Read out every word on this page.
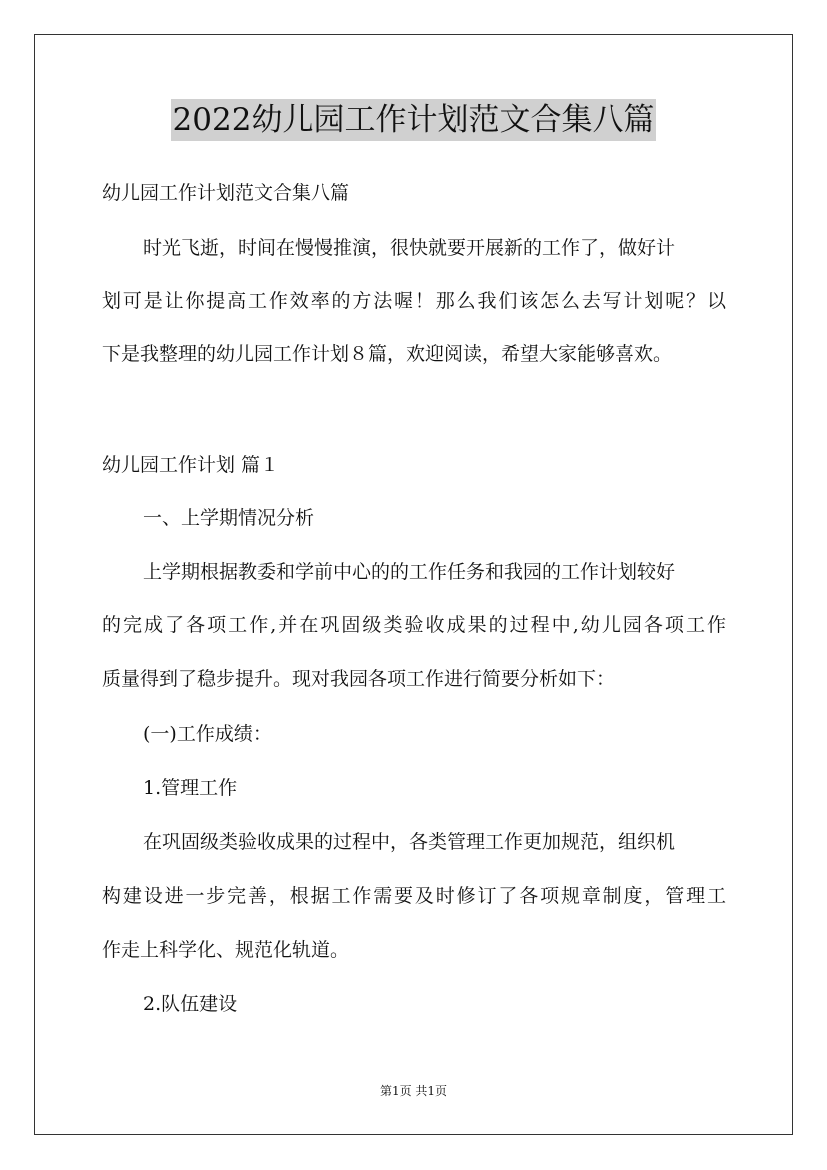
2022幼儿园工作计划范文合集八篇
幼儿园工作计划范文合集八篇
时光飞逝，时间在慢慢推演，很快就要开展新的工作了，做好计
划可是让你提高工作效率的方法喔！那么我们该怎么去写计划呢？以
下是我整理的幼儿园工作计划８篇，欢迎阅读，希望大家能够喜欢。
幼儿园工作计划 篇１
一、上学期情况分析
上学期根据教委和学前中心的的工作任务和我园的工作计划较好
的完成了各项工作,并在巩固级类验收成果的过程中,幼儿园各项工作
质量得到了稳步提升。现对我园各项工作进行简要分析如下：
(一)工作成绩：
1.管理工作
在巩固级类验收成果的过程中，各类管理工作更加规范，组织机
构建设进一步完善，根据工作需要及时修订了各项规章制度，管理工
作走上科学化、规范化轨道。
2.队伍建设
第1页 共1页
